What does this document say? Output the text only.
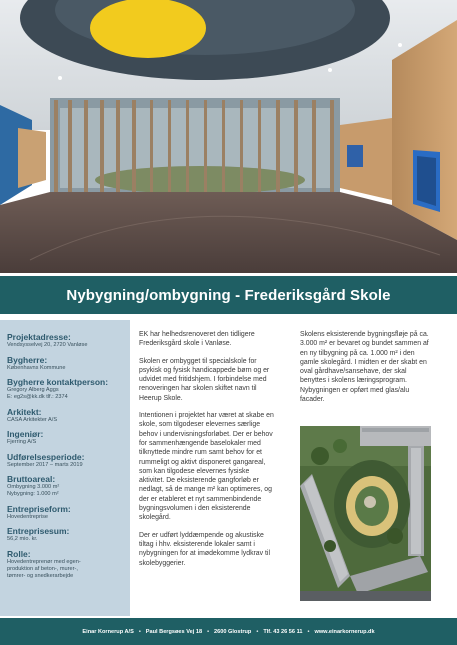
Nybygning/ombygning - Frederiksgård Skole
Projektadresse:
Vendsysselvej 20, 2720 Vanløse
Bygherre:
Københavns Kommune
Bygherre kontaktperson:
Gregory Alberg Aggs
E: eg2s@kk.dk tlf.: 2374
Arkitekt:
CASA Arkitekter A/S
Ingeniør:
Fjerring A/S
Udførelsesperiode:
September 2017 – marts 2019
Bruttoareal:
Ombygning 3.000 m²
Nybygning: 1.000 m²
Entrepriseform:
Hovedentreprise
Entreprisesum:
56,2 mio. kr.
Rolle:
Hovedentreprenør med egen-
produktion af beton-, murer-,
tømrer- og snedkerarbejde

EK har helhedsrenoveret den tidligere Frederiksgård skole i Vanløse.

Skolen er ombygget til specialskole for psykisk og fysisk handicappede børn og er udvidet med fritidshjem. I forbindelse med renoveringen har skolen skiftet navn til Heerup Skole.

Intentionen i projektet har været at skabe en skole, som tilgodeser elevernes særlige behov i undervisningsforløbet. Der er behov for sammenhængende baselokaler med tilknyttede mindre rum samt behov for et rummeligt og aktivt disponeret gangareal, som kan tilgodese elevernes fysiske aktivitet. De eksisterende gangforløb er nedlagt, så de mange m² kan optimeres, og der er etableret et nyt sammenbindende bygningsvolumen i den eksisterende skolegård.

Der er udført lyddæmpende og akustiske tiltag i hhv. eksisterende lokaler samt i nybygningen for at imødekomme lydkrav til skolebyggerier.

Skolens eksisterende bygningsfløje på ca. 3.000 m² er bevaret og bundet sammen af en ny tilbygning på ca. 1.000 m² i den gamle skolegård. I midten er der skabt en oval gårdhave/sansehave, der skal benyttes i skolens læringsprogram. Nybygningen er opført med glas/alu facader.

Einar Kornerup A/S • Paul Bergsøes Vej 18 • 2600 Glostrup • Tlf. 43 26 56 11 • www.einarkornerup.dk
